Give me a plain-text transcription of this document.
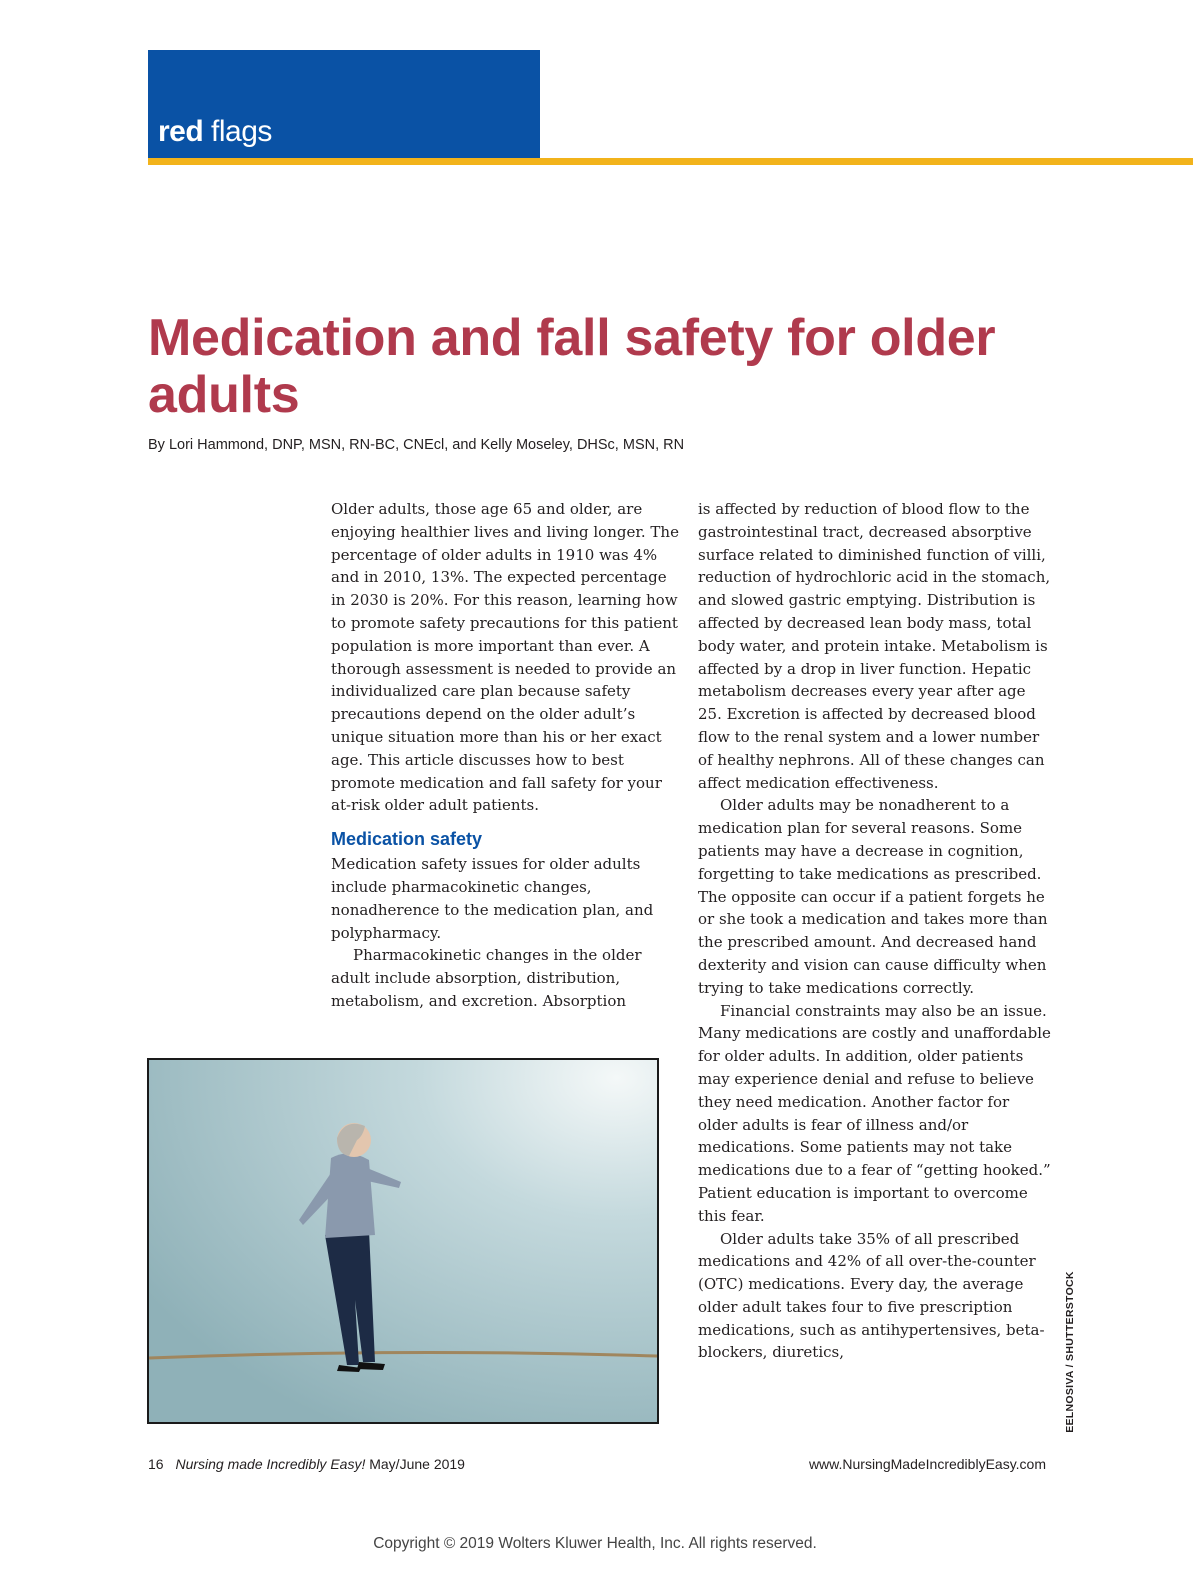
red flags
Medication and fall safety for older adults
By Lori Hammond, DNP, MSN, RN-BC, CNEcl, and Kelly Moseley, DHSc, MSN, RN

Older adults, those age 65 and older, are enjoying healthier lives and living longer. The percentage of older adults in 1910 was 4% and in 2010, 13%. The expected percentage in 2030 is 20%. For this reason, learning how to promote safety precautions for this patient population is more important than ever. A thorough assessment is needed to provide an individualized care plan because safety precautions depend on the older adult’s unique situation more than his or her exact age. This article discusses how to best promote medication and fall safety for your at-risk older adult patients.

Medication safety

Medication safety issues for older adults include pharmacokinetic changes, nonadherence to the medication plan, and polypharmacy.

Pharmacokinetic changes in the older adult include absorption, distribution, metabolism, and excretion. Absorption

is affected by reduction of blood flow to the gastrointestinal tract, decreased absorptive surface related to diminished function of villi, reduction of hydrochloric acid in the stomach, and slowed gastric emptying. Distribution is affected by decreased lean body mass, total body water, and protein intake. Metabolism is affected by a drop in liver function. Hepatic metabolism decreases every year after age 25. Excretion is affected by decreased blood flow to the renal system and a lower number of healthy nephrons. All of these changes can affect medication effectiveness.

Older adults may be nonadherent to a medication plan for several reasons. Some patients may have a decrease in cognition, forgetting to take medications as prescribed. The opposite can occur if a patient forgets he or she took a medication and takes more than the prescribed amount. And decreased hand dexterity and vision can cause difficulty when trying to take medications correctly.

Financial constraints may also be an issue. Many medications are costly and unaffordable for older adults. In addition, older patients may experience denial and refuse to believe they need medication. Another factor for older adults is fear of illness and/or medications. Some patients may not take medications due to a fear of “getting hooked.” Patient education is important to overcome this fear.

Older adults take 35% of all prescribed medications and 42% of all over-the-counter (OTC) medications. Every day, the average older adult takes four to five prescription medications, such as antihypertensives, beta-blockers, diuretics,	EELNOSIVA / SHUTTERSTOCK
16 Nursing made Incredibly Easy! May/June 2019	www.NursingMadeIncrediblyEasy.com
Copyright © 2019 Wolters Kluwer Health, Inc. All rights reserved.
